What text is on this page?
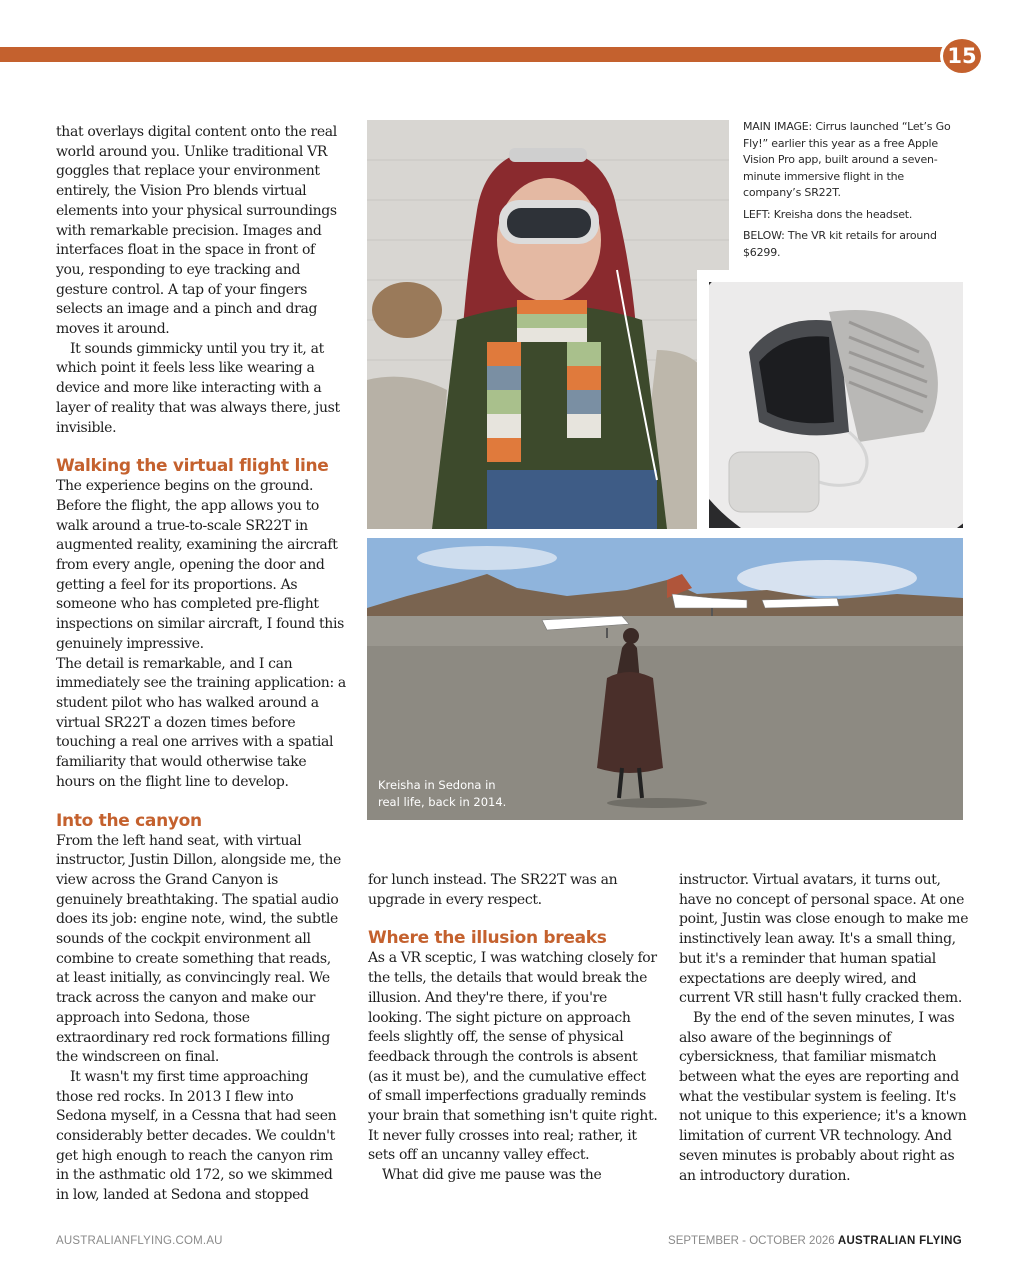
15

that overlays digital content onto the real world around you. Unlike traditional VR goggles that replace your environment entirely, the Vision Pro blends virtual elements into your physical surroundings with remarkable precision. Images and interfaces float in the space in front of you, responding to eye tracking and gesture control. A tap of your fingers selects an image and a pinch and drag moves it around.

It sounds gimmicky until you try it, at which point it feels less like wearing a device and more like interacting with a layer of reality that was always there, just invisible.

Walking the virtual flight line

The experience begins on the ground. Before the flight, the app allows you to walk around a true-to-scale SR22T in augmented reality, examining the aircraft from every angle, opening the door and getting a feel for its proportions. As someone who has completed pre-flight inspections on similar aircraft, I found this genuinely impressive.

The detail is remarkable, and I can immediately see the training application: a student pilot who has walked around a virtual SR22T a dozen times before touching a real one arrives with a spatial familiarity that would otherwise take hours on the flight line to develop.

Into the canyon

From the left hand seat, with virtual instructor, Justin Dillon, alongside me, the view across the Grand Canyon is genuinely breathtaking. The spatial audio does its job: engine note, wind, the subtle sounds of the cockpit environment all combine to create something that reads, at least initially, as convincingly real. We track across the canyon and make our approach into Sedona, those extraordinary red rock formations filling the windscreen on final.

It wasn't my first time approaching those red rocks. In 2013 I flew into Sedona myself, in a Cessna that had seen considerably better decades. We couldn't get high enough to reach the canyon rim in the asthmatic old 172, so we skimmed in low, landed at Sedona and stopped

for lunch instead. The SR22T was an upgrade in every respect.

Where the illusion breaks

As a VR sceptic, I was watching closely for the tells, the details that would break the illusion. And they're there, if you're looking. The sight picture on approach feels slightly off, the sense of physical feedback through the controls is absent (as it must be), and the cumulative effect of small imperfections gradually reminds your brain that something isn't quite right. It never fully crosses into real; rather, it sets off an uncanny valley effect.

What did give me pause was the

instructor. Virtual avatars, it turns out, have no concept of personal space. At one point, Justin was close enough to make me instinctively lean away. It's a small thing, but it's a reminder that human spatial expectations are deeply wired, and current VR still hasn't fully cracked them.

By the end of the seven minutes, I was also aware of the beginnings of cybersickness, that familiar mismatch between what the eyes are reporting and what the vestibular system is feeling. It's not unique to this experience; it's a known limitation of current VR technology. And seven minutes is probably about right as an introductory duration.

MAIN IMAGE: Cirrus launched “Let’s Go Fly!” earlier this year as a free Apple Vision Pro app, built around a seven-minute immersive flight in the company’s SR22T.

LEFT: Kreisha dons the headset.

BELOW: The VR kit retails for around $6299.

Kreisha in Sedona in real life, back in 2014.
AUSTRALIANFLYING.COM.AU	SEPTEMBER - OCTOBER 2026 AUSTRALIAN FLYING
